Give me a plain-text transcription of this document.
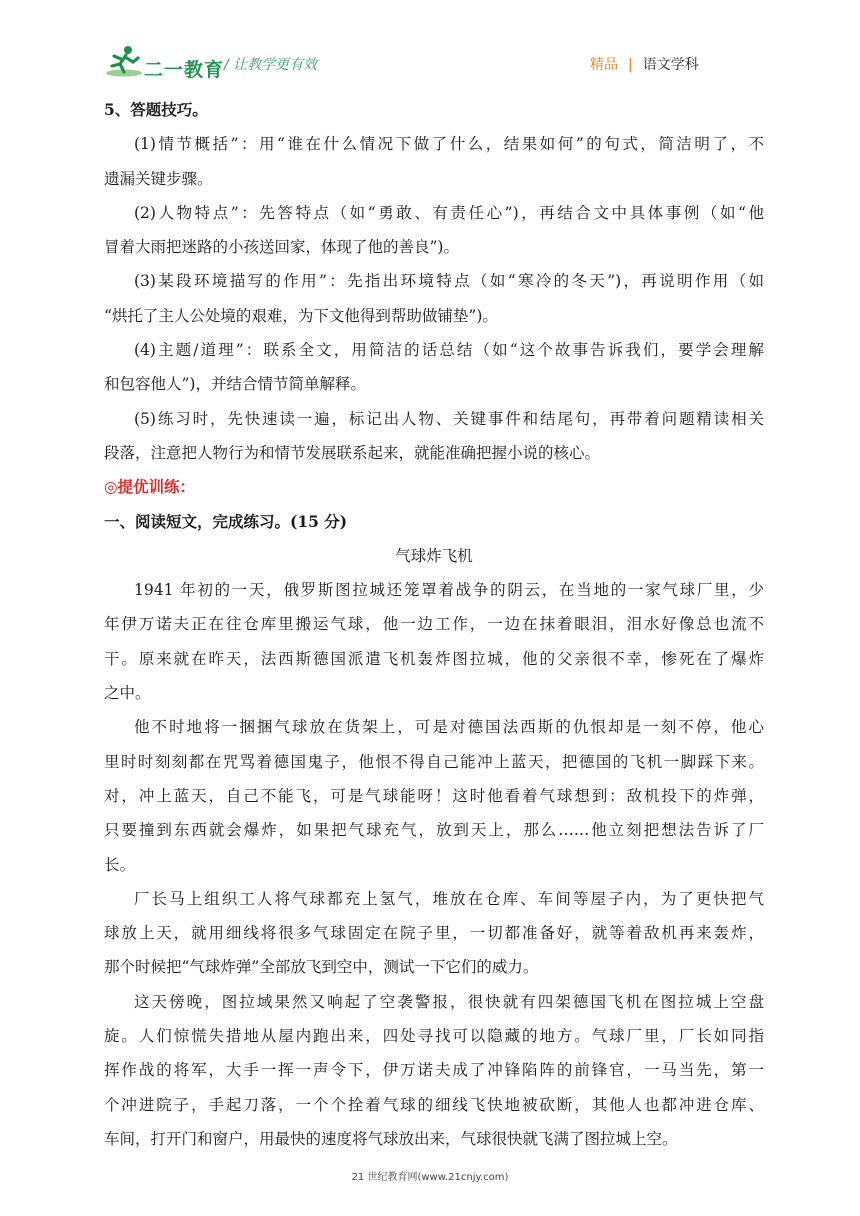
二一教育 / 让教学更有效	精品 | 语文学科

5、答题技巧。

(1)情节概括”：用“谁在什么情况下做了什么，结果如何”的句式，简洁明了，不

遗漏关键步骤。

(2)人物特点”：先答特点（如“勇敢、有责任心”)，再结合文中具体事例（如“他

冒着大雨把迷路的小孩送回家，体现了他的善良”)。

(3)某段环境描写的作用”：先指出环境特点（如“寒冷的冬天”)，再说明作用（如

“烘托了主人公处境的艰难，为下文他得到帮助做铺垫”)。

(4)主题/道理”：联系全文，用简洁的话总结（如“这个故事告诉我们，要学会理解

和包容他人”)，并结合情节简单解释。

(5)练习时，先快速读一遍，标记出人物、关键事件和结尾句，再带着问题精读相关

段落，注意把人物行为和情节发展联系起来，就能准确把握小说的核心。

◎提优训练：

一、阅读短文，完成练习。(15 分)

气球炸飞机

1941 年初的一天，俄罗斯图拉城还笼罩着战争的阴云，在当地的一家气球厂里，少

年伊万诺夫正在往仓库里搬运气球，他一边工作，一边在抹着眼泪，泪水好像总也流不

干。原来就在昨天，法西斯德国派遣飞机轰炸图拉城，他的父亲很不幸，惨死在了爆炸

之中。

他不时地将一捆捆气球放在货架上，可是对德国法西斯的仇恨却是一刻不停，他心

里时时刻刻都在咒骂着德国鬼子，他恨不得自己能冲上蓝天，把德国的飞机一脚踩下来。

对，冲上蓝天，自己不能飞，可是气球能呀！这时他看着气球想到：敌机投下的炸弹，

只要撞到东西就会爆炸，如果把气球充气，放到天上，那么……他立刻把想法告诉了厂

长。

厂长马上组织工人将气球都充上氢气，堆放在仓库、车间等屋子内，为了更快把气

球放上天，就用细线将很多气球固定在院子里，一切都准备好，就等着敌机再来轰炸，

那个时候把“气球炸弹”全部放飞到空中，测试一下它们的威力。

这天傍晚，图拉域果然又响起了空袭警报，很快就有四架德国飞机在图拉城上空盘

旋。人们惊慌失措地从屋内跑出来，四处寻找可以隐藏的地方。气球厂里，厂长如同指

挥作战的将军，大手一挥一声令下，伊万诺夫成了冲锋陷阵的前锋官，一马当先，第一

个冲进院子，手起刀落，一个个拴着气球的细线飞快地被砍断，其他人也都冲进仓库、

车间，打开门和窗户，用最快的速度将气球放出来，气球很快就飞满了图拉城上空。

21 世纪教育网(www.21cnjy.com)
